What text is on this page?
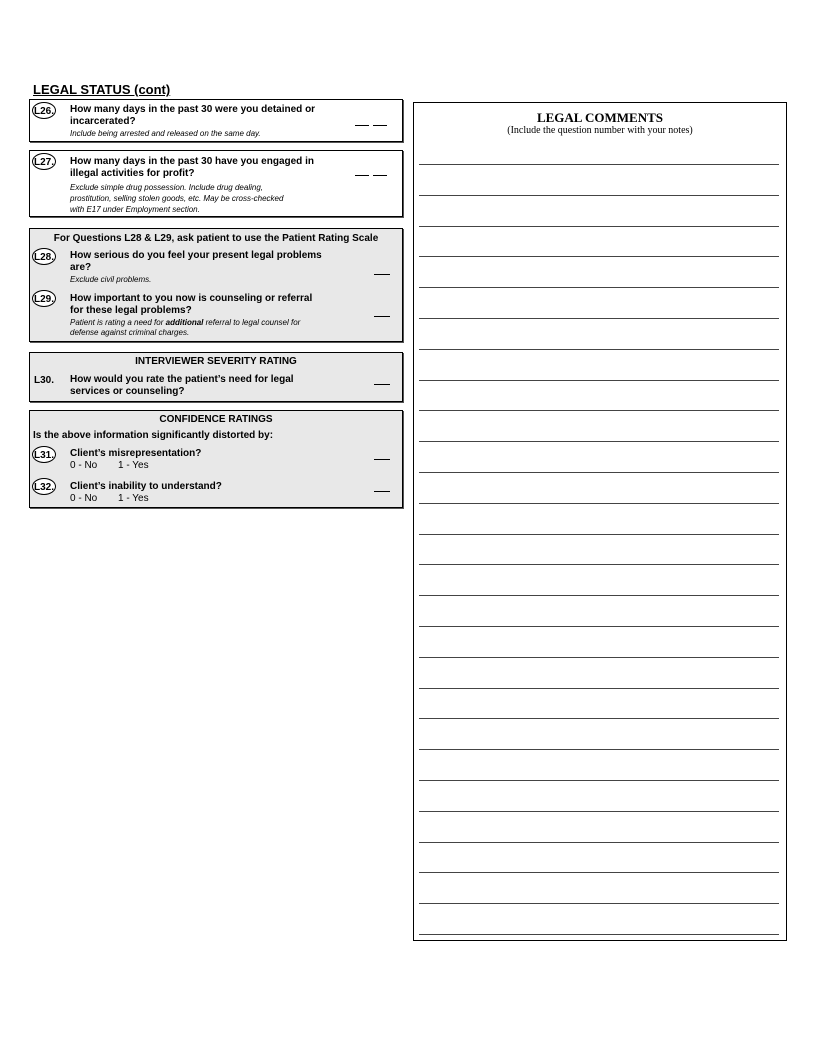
LEGAL STATUS (cont)
L26. How many days in the past 30 were you detained or
incarcerated?
Include being arrested and released on the same day.
L27. How many days in the past 30 have you engaged in
illegal activities for profit?
Exclude simple drug possession. Include drug dealing,
prostitution, selling stolen goods, etc. May be cross-checked
with E17 under Employment section.
For Questions L28 & L29, ask patient to use the Patient Rating Scale
L28. How serious do you feel your present legal problems
are?
Exclude civil problems.
L29. How important to you now is counseling or referral
for these legal problems?
Patient is rating a need for additional referral to legal counsel for
defense against criminal charges.
INTERVIEWER SEVERITY RATING
L30. How would you rate the patient’s need for legal
services or counseling?
CONFIDENCE RATINGS
Is the above information significantly distorted by:
L31. Client’s misrepresentation?
0 - No 1 - Yes
L32. Client’s inability to understand?
0 - No 1 - Yes
LEGAL COMMENTS
(Include the question number with your notes)
